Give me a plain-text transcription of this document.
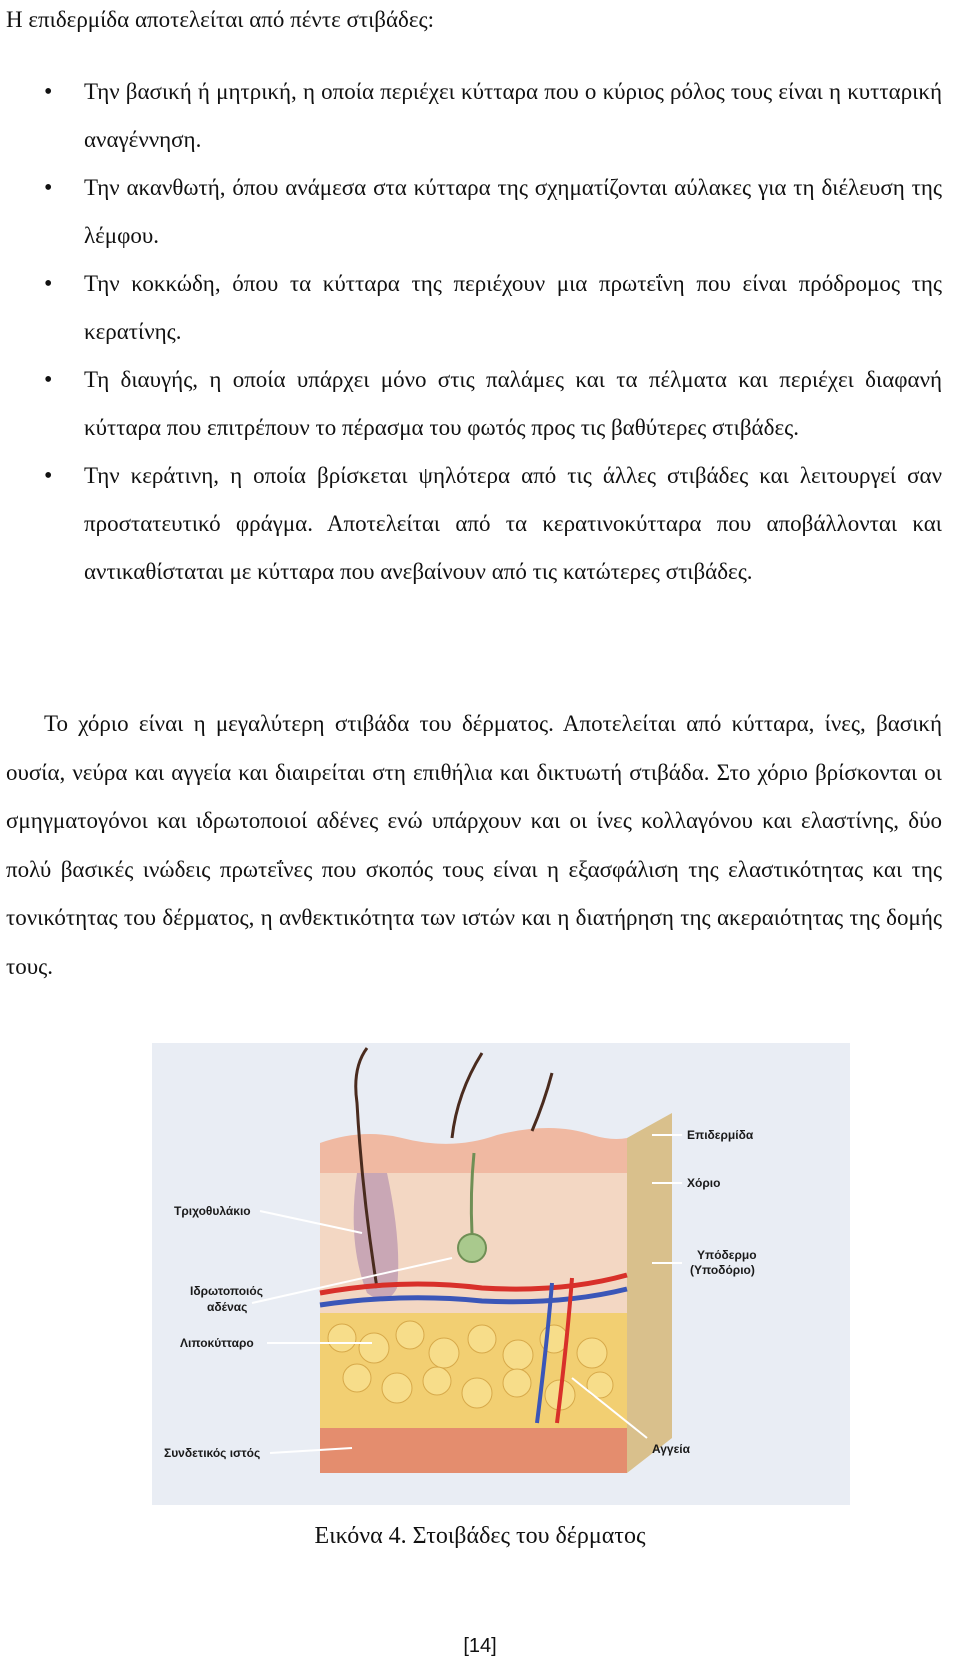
Η επιδερμίδα αποτελείται από πέντε στιβάδες:

• Την βασική ή μητρική, η οποία περιέχει κύτταρα που ο κύριος ρόλος τους είναι η κυτταρική αναγέννηση.
• Την ακανθωτή, όπου ανάμεσα στα κύτταρα της σχηματίζονται αύλακες για τη διέλευση της λέμφου.
• Την κοκκώδη, όπου τα κύτταρα της περιέχουν μια πρωτεΐνη που είναι πρόδρομος της κερατίνης.
• Τη διαυγής, η οποία υπάρχει μόνο στις παλάμες και τα πέλματα και περιέχει διαφανή κύτταρα που επιτρέπουν το πέρασμα του φωτός προς τις βαθύτερες στιβάδες.
• Την κεράτινη, η οποία βρίσκεται ψηλότερα από τις άλλες στιβάδες και λειτουργεί σαν προστατευτικό φράγμα. Αποτελείται από τα κερατινοκύτταρα που αποβάλλονται και αντικαθίσταται με κύτταρα που ανεβαίνουν από τις κατώτερες στιβάδες.

Το χόριο είναι η μεγαλύτερη στιβάδα του δέρματος. Αποτελείται από κύτταρα, ίνες, βασική ουσία, νεύρα και αγγεία και διαιρείται στη επιθήλια και δικτυωτή στιβάδα. Στο χόριο βρίσκονται οι σμηγματογόνοι και ιδρωτοποιοί αδένες ενώ υπάρχουν και οι ίνες κολλαγόνου και ελαστίνης, δύο πολύ βασικές ινώδεις πρωτεΐνες που σκοπός τους είναι η εξασφάλιση της ελαστικότητας και της τονικότητας του δέρματος, η ανθεκτικότητα των ιστών και η διατήρηση της ακεραιότητας της δομής τους.

Επιδερμίδα
Χόριο
Υπόδερμο
(Υποδόριο)
Αγγεία
Τριχοθυλάκιο
Ιδρωτοποιός
αδένας
Λιποκύτταρο
Συνδετικός ιστός

Εικόνα 4. Στοιβάδες του δέρματος

[14]
